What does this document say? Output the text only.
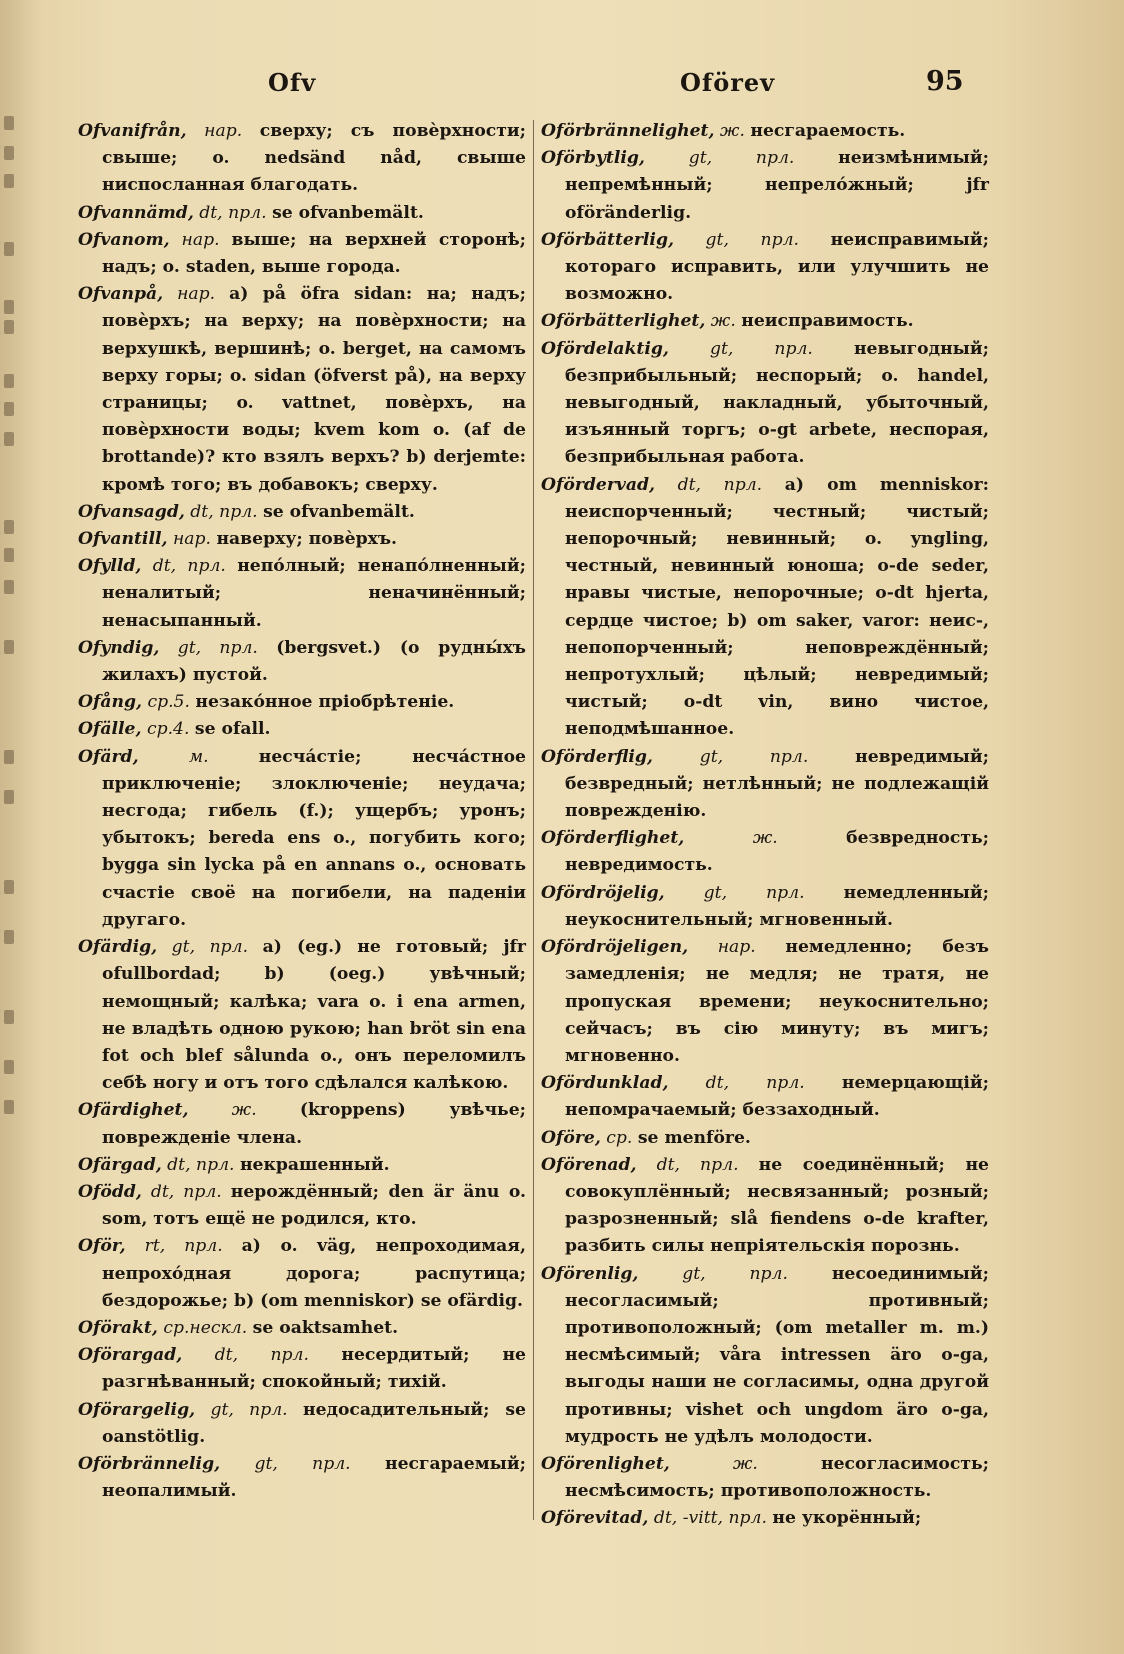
Ofv	Oförev	95

Ofvanifrån, нар. сверху; съ повѐрхности; свыше; o. nedsänd nåd, свыше ниспосланная благодать.

Ofvannämd, dt, прл. se ofvanbemält.

Ofvanom, нар. выше; на верхней сторонѣ; надъ; o. staden, выше города.

Ofvanpå, нар. a) på öfra sidan: на; надъ; повѐрхъ; на верху; на повѐрхности; на верхушкѣ, вершинѣ; o. berget, на самомъ верху горы; o. sidan (öfverst på), на верху страницы; o. vattnet, повѐрхъ, на повѐрхности воды; kvem kom o. (af de brottande)? кто взялъ верхъ? b) derjemte: кромѣ того; въ добавокъ; сверху.

Ofvansagd, dt, прл. se ofvanbemält.

Ofvantill, нар. наверху; повѐрхъ.

Ofylld, dt, прл. непо́лный; ненапо́лненный; неналитый; неначинённый; ненасыпанный.

Ofyndig, gt, прл. (bergsvet.) (о рудны́хъ жилахъ) пустой.

Ofång, ср.5. незако́нное пріобрѣтеніе.

Ofälle, ср.4. se ofall.

Ofärd, м. несча́стіе; несча́стное приключеніе; злоключеніе; неудача; несгода; гибель (f.); ущербъ; уронъ; убытокъ; bereda ens o., погубить кого; bygga sin lycka på en annans o., основать счастіе своё на погибели, на паденіи другаго.

Ofärdig, gt, прл. a) (eg.) не готовый; jfr ofullbordad; b) (oeg.) увѣчный; немощный; калѣка; vara o. i ena armen, не владѣть одною рукою; han bröt sin ena fot och blef sålunda o., онъ переломилъ себѣ ногу и отъ того сдѣлался калѣкою.

Ofärdighet, ж. (kroppens) увѣчье; поврежденіе члена.

Ofärgad, dt, прл. некрашенный.

Ofödd, dt, прл. нерождённый; den är änu o. som, тотъ ещё не родился, кто.

Oför, rt, прл. a) o. väg, непроходимая, непрохо́дная дорога; распутица; бездорожье; b) (om menniskor) se ofärdig.

Oförakt, ср.нескл. se oaktsamhet.

Oförargad, dt, прл. несердитый; не разгнѣванный; спокойный; тихій.

Oförargelig, gt, прл. недосадительный; se oanstötlig.

Oförbrännelig, gt, прл. несгараемый; неопалимый.

Oförbrännelighet, ж. несгараемость.

Oförbytlig, gt, прл. неизмѣнимый; непремѣнный; непрело́жный; jfr oföränderlig.

Oförbätterlig, gt, прл. неисправимый; котораго исправить, или улучшить не возможно.

Oförbätterlighet, ж. неисправимость.

Ofördelaktig, gt, прл. невыгодный; безприбыльный; неспорый; o. handel, невыгодный, накладный, убыточный, изъянный торгъ; o-gt arbete, неспорая, безприбыльная работа.

Ofördervad, dt, прл. a) om menniskor: неиспорченный; честный; чистый; непорочный; невинный; o. yngling, честный, невинный юноша; o-de seder, нравы чистые, непорочные; o-dt hjerta, сердце чистое; b) om saker, varor: неис-, непопорченный; неповреждённый; непротухлый; цѣлый; невредимый; чистый; o-dt vin, вино чистое, неподмѣшанное.

Oförderflig, gt, прл. невредимый; безвредный; нетлѣнный; не подлежащій поврежденію.

Oförderflighet, ж. безвредность; невредимость.

Ofördröjelig, gt, прл. немедленный; неукоснительный; мгновенный.

Ofördröjeligen, нар. немедленно; безъ замедленія; не медля; не тратя, не пропуская времени; неукоснительно; сейчасъ; въ сію минуту; въ мигъ; мгновенно.

Ofördunklad, dt, прл. немерцающій; непомрачаемый; беззаходный.

Oföre, ср. se menföre.

Oförenad, dt, прл. не соединённый; не совокуплённый; несвязанный; розный; разрозненный; slå fiendens o-de krafter, разбить силы непріятельскія порознь.

Oförenlig, gt, прл. несоединимый; несогласимый; противный; противоположный; (om metaller m. m.) несмѣсимый; våra intressen äro o-ga, выгоды наши не согласимы, одна другой противны; vishet och ungdom äro o-ga, мудрость не удѣлъ молодости.

Oförenlighet, ж. несогласимость; несмѣсимость; противоположность.

Oförevitad, dt, -vitt, прл. не укорённый;
